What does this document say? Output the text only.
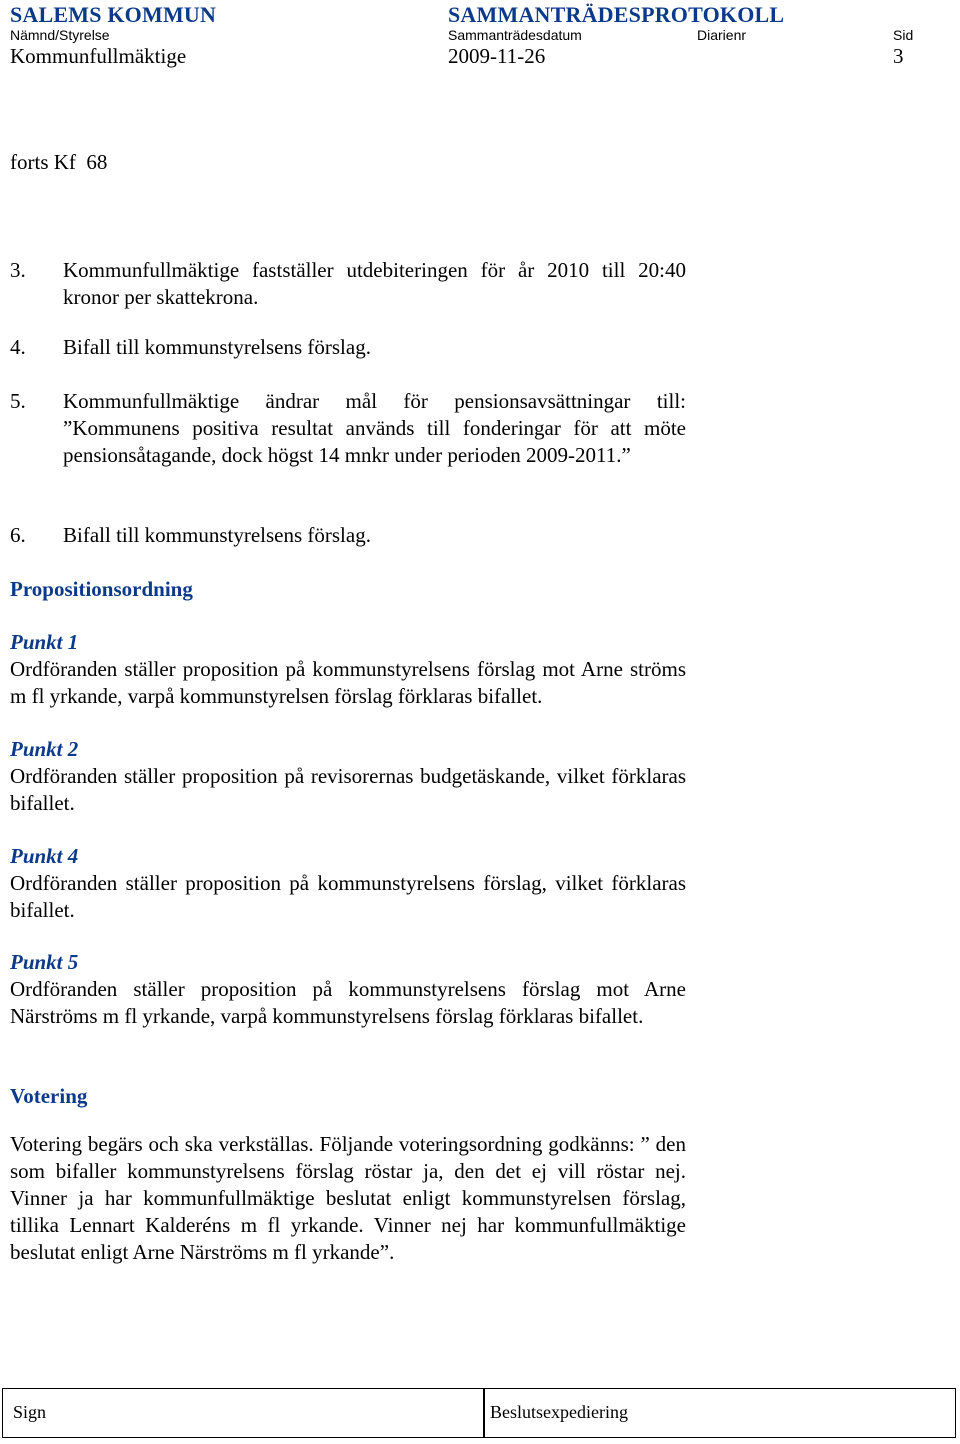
SALEMS KOMMUN	SAMMANTRÄDESPROTOKOLL
Nämnd/Styrelse	Sammanträdesdatum	Diarienr	Sid
Kommunfullmäktige	2009-11-26	3
forts Kf  68
3. Kommunfullmäktige fastställer utdebiteringen för år 2010 till 20:40 kronor per skattekrona.
4. Bifall till kommunstyrelsens förslag.
5. Kommunfullmäktige ändrar mål för pensionsavsättningar till: ”Kommunens positiva resultat används till fonderingar för att möte pensionsåtagande, dock högst 14 mnkr under perioden 2009-2011.”
6. Bifall till kommunstyrelsens förslag.
Propositionsordning
Punkt 1
Ordföranden ställer proposition på kommunstyrelsens förslag mot Arne ströms m fl yrkande, varpå kommunstyrelsen förslag förklaras bifallet.
Punkt 2
Ordföranden ställer proposition på revisorernas budgetäskande, vilket förklaras bifallet.
Punkt 4
Ordföranden ställer proposition på kommunstyrelsens förslag, vilket förklaras bifallet.
Punkt 5
Ordföranden ställer proposition på kommunstyrelsens förslag mot Arne Närströms m fl yrkande, varpå kommunstyrelsens förslag förklaras bifallet.
Votering
Votering begärs och ska verkställas. Följande voteringsordning godkänns: ” den som bifaller kommunstyrelsens förslag röstar ja, den det ej vill röstar nej. Vinner ja har kommunfullmäktige beslutat enligt kommunstyrelsen förslag, tillika Lennart Kalderéns m fl yrkande. Vinner nej har kommunfullmäktige beslutat enligt Arne Närströms m fl yrkande”.
Sign	Beslutsexpediering
